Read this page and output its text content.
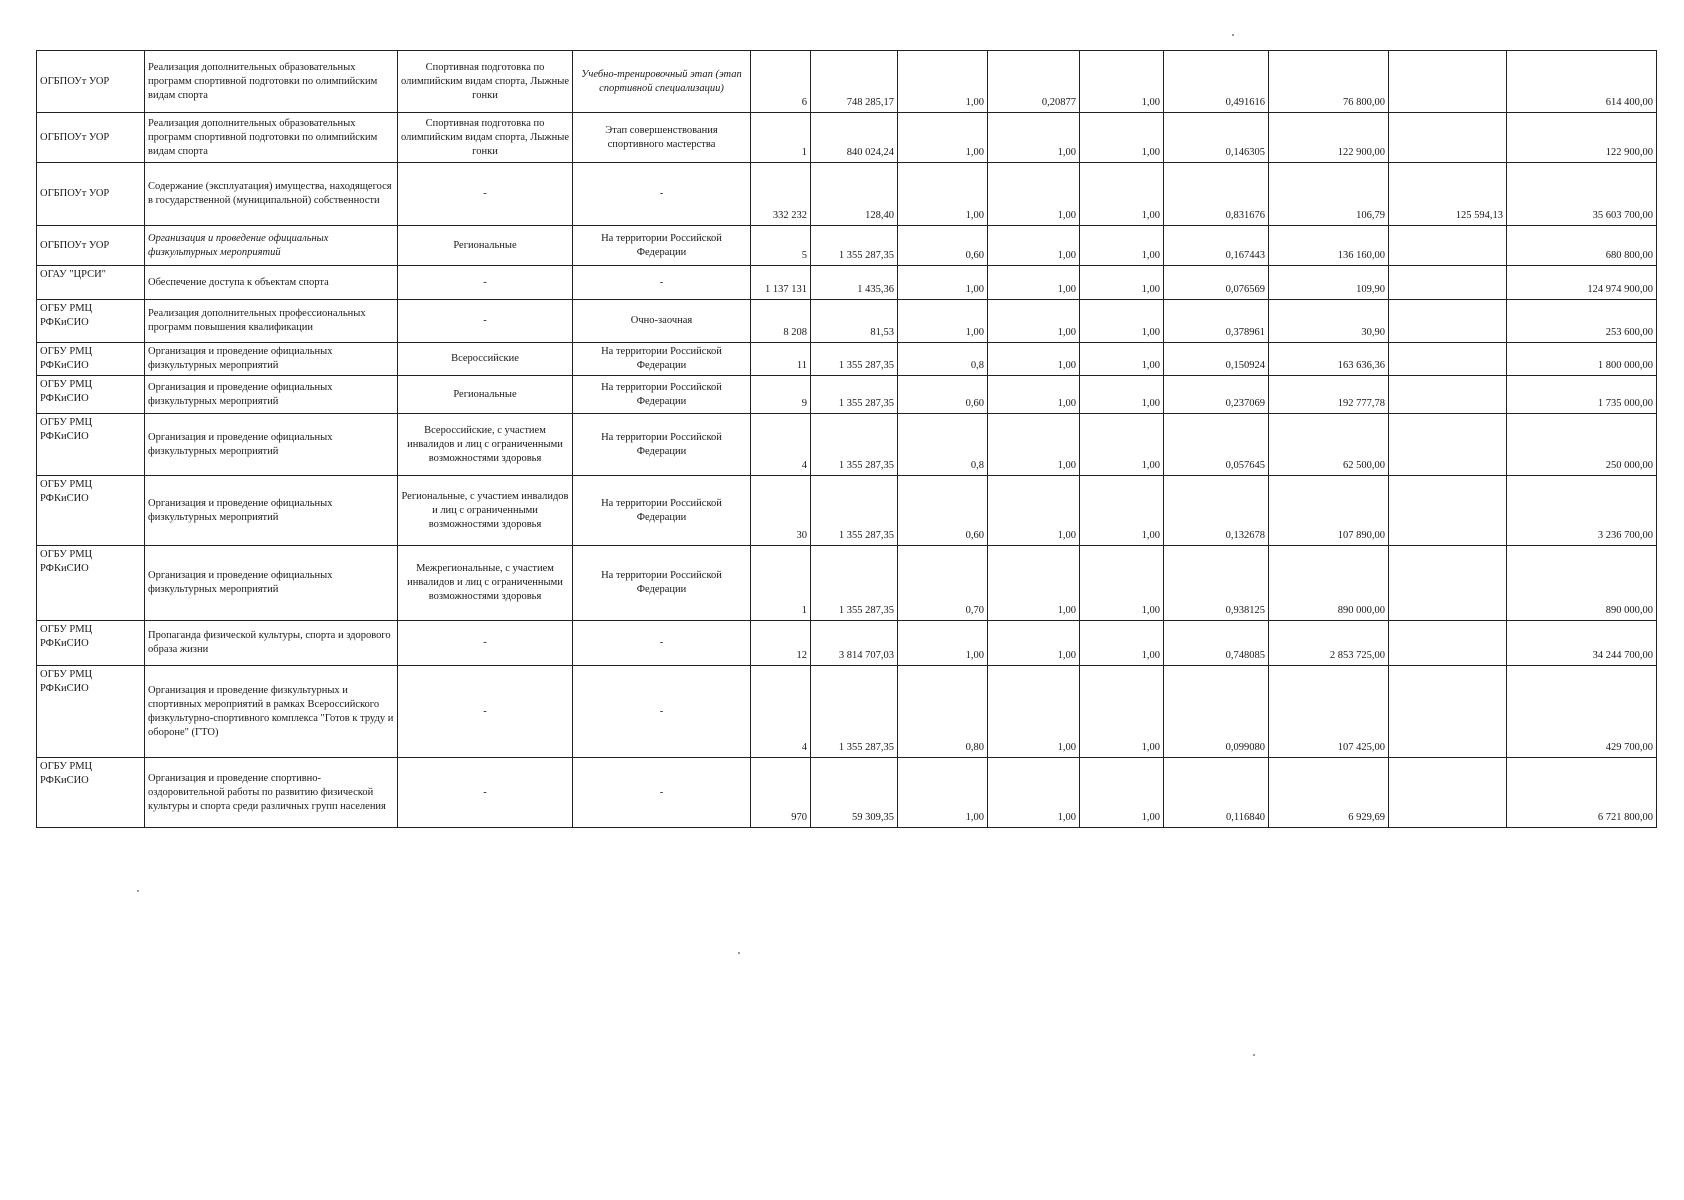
ОГБПОУт УОР	Реализация дополнительных образовательных программ спортивной подготовки по олимпийским видам спорта	Спортивная подготовка по олимпийским видам спорта, Лыжные гонки	Учебно-тренировочный этап (этап спортивной специализации)	6	748 285,17	1,00	0,20877	1,00	0,491616	76 800,00		614 400,00
ОГБПОУт УОР	Реализация дополнительных образовательных программ спортивной подготовки по олимпийским видам спорта	Спортивная подготовка по олимпийским видам спорта, Лыжные гонки	Этап совершенствования спортивного мастерства	1	840 024,24	1,00	1,00	1,00	0,146305	122 900,00		122 900,00
ОГБПОУт УОР	Содержание (эксплуатация) имущества, находящегося в государственной (муниципальной) собственности	-	-	332 232	128,40	1,00	1,00	1,00	0,831676	106,79	125 594,13	35 603 700,00
ОГБПОУт УОР	Организация и проведение официальных физкультурных мероприятий	Региональные	На территории Российской Федерации	5	1 355 287,35	0,60	1,00	1,00	0,167443	136 160,00		680 800,00
ОГАУ "ЦРСИ"	Обеспечение доступа к объектам спорта	-	-	1 137 131	1 435,36	1,00	1,00	1,00	0,076569	109,90		124 974 900,00
ОГБУ РМЦ РФКиСИО	Реализация дополнительных профессиональных программ повышения квалификации	-	Очно-заочная	8 208	81,53	1,00	1,00	1,00	0,378961	30,90		253 600,00
ОГБУ РМЦ РФКиСИО	Организация и проведение официальных физкультурных мероприятий	Всероссийские	На территории Российской Федерации	11	1 355 287,35	0,8	1,00	1,00	0,150924	163 636,36		1 800 000,00
ОГБУ РМЦ РФКиСИО	Организация и проведение официальных физкультурных мероприятий	Региональные	На территории Российской Федерации	9	1 355 287,35	0,60	1,00	1,00	0,237069	192 777,78		1 735 000,00
ОГБУ РМЦ РФКиСИО	Организация и проведение официальных физкультурных мероприятий	Всероссийские, с участием инвалидов и лиц с ограниченными возможностями здоровья	На территории Российской Федерации	4	1 355 287,35	0,8	1,00	1,00	0,057645	62 500,00		250 000,00
ОГБУ РМЦ РФКиСИО	Организация и проведение официальных физкультурных мероприятий	Региональные, с участием инвалидов и лиц с ограниченными возможностями здоровья	На территории Российской Федерации	30	1 355 287,35	0,60	1,00	1,00	0,132678	107 890,00		3 236 700,00
ОГБУ РМЦ РФКиСИО	Организация и проведение официальных физкультурных мероприятий	Межрегиональные, с участием инвалидов и лиц с ограниченными возможностями здоровья	На территории Российской Федерации	1	1 355 287,35	0,70	1,00	1,00	0,938125	890 000,00		890 000,00
ОГБУ РМЦ РФКиСИО	Пропаганда физической культуры, спорта и здорового образа жизни	-	-	12	3 814 707,03	1,00	1,00	1,00	0,748085	2 853 725,00		34 244 700,00
ОГБУ РМЦ РФКиСИО	Организация и проведение физкультурных и спортивных мероприятий в рамках Всероссийского физкультурно-спортивного комплекса "Готов к труду и обороне" (ГТО)	-	-	4	1 355 287,35	0,80	1,00	1,00	0,099080	107 425,00		429 700,00
ОГБУ РМЦ РФКиСИО	Организация и проведение спортивно-оздоровительной работы по развитию физической культуры и спорта среди различных групп населения	-	-	970	59 309,35	1,00	1,00	1,00	0,116840	6 929,69		6 721 800,00
